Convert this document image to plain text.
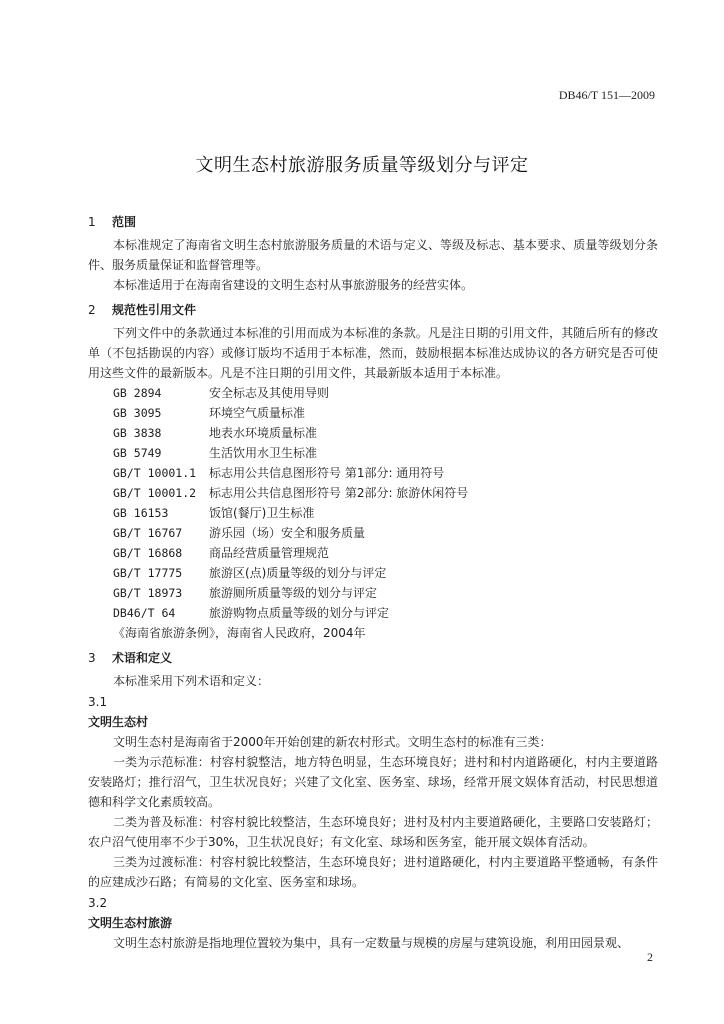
DB46/T 151—2009
文明生态村旅游服务质量等级划分与评定
1	范围
本标准规定了海南省文明生态村旅游服务质量的术语与定义、等级及标志、基本要求、质量等级划分条件、服务质量保证和监督管理等。
本标准适用于在海南省建设的文明生态村从事旅游服务的经营实体。
2	规范性引用文件
下列文件中的条款通过本标准的引用而成为本标准的条款。凡是注日期的引用文件，其随后所有的修改单（不包括勘误的内容）或修订版均不适用于本标准，然而，鼓励根据本标准达成协议的各方研究是否可使用这些文件的最新版本。凡是不注日期的引用文件，其最新版本适用于本标准。
GB 2894	安全标志及其使用导则
GB 3095	环境空气质量标准
GB 3838	地表水环境质量标准
GB 5749	生活饮用水卫生标准
GB/T 10001.1	标志用公共信息图形符号 第1部分: 通用符号
GB/T 10001.2	标志用公共信息图形符号 第2部分: 旅游休闲符号
GB 16153	饭馆(餐厅)卫生标准
GB/T 16767	游乐园（场）安全和服务质量
GB/T 16868	商品经营质量管理规范
GB/T 17775	旅游区(点)质量等级的划分与评定
GB/T 18973	旅游厕所质量等级的划分与评定
DB46/T 64	旅游购物点质量等级的划分与评定
《海南省旅游条例》，海南省人民政府，2004年
3	术语和定义
本标准采用下列术语和定义：
3.1
文明生态村
文明生态村是海南省于2000年开始创建的新农村形式。文明生态村的标准有三类：
一类为示范标准：村容村貌整洁，地方特色明显，生态环境良好；进村和村内道路硬化，村内主要道路安装路灯；推行沼气，卫生状况良好；兴建了文化室、医务室、球场，经常开展文娱体育活动，村民思想道德和科学文化素质较高。
二类为普及标准：村容村貌比较整洁，生态环境良好；进村及村内主要道路硬化，主要路口安装路灯；农户沼气使用率不少于30%，卫生状况良好；有文化室、球场和医务室，能开展文娱体育活动。
三类为过渡标准：村容村貌比较整洁，生态环境良好；进村道路硬化，村内主要道路平整通畅，有条件的应建成沙石路；有简易的文化室、医务室和球场。
3.2
文明生态村旅游
文明生态村旅游是指地理位置较为集中，具有一定数量与规模的房屋与建筑设施，利用田园景观、
2
